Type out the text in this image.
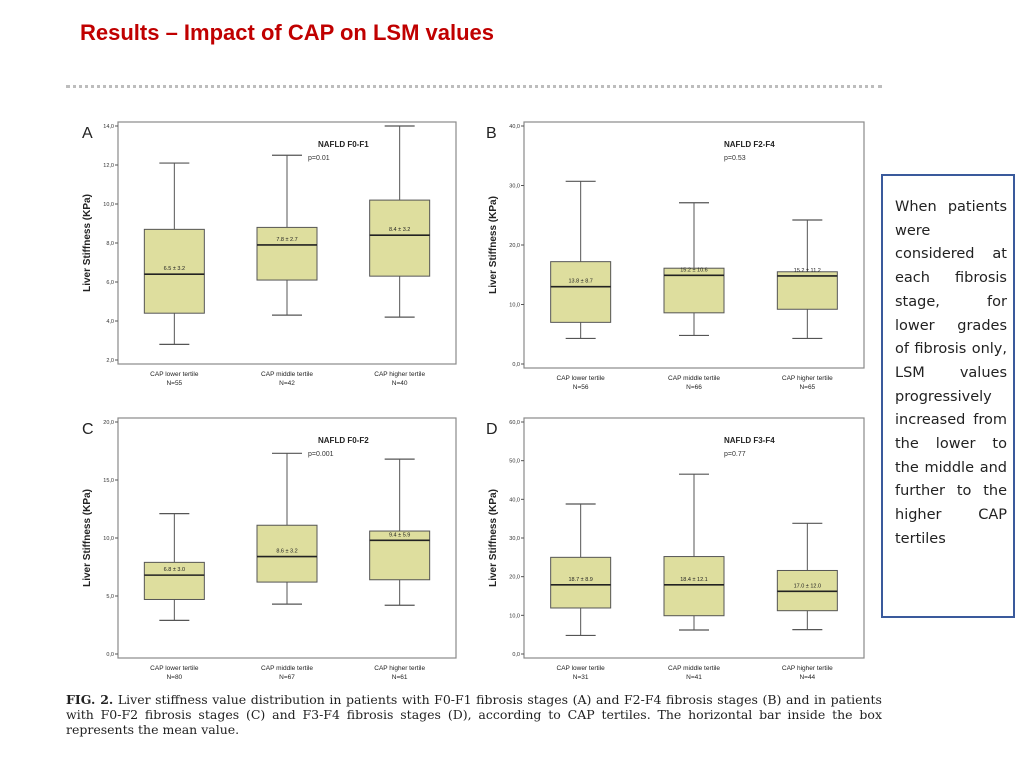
Results – Impact of CAP on LSM values
A
2,0
4,0
6,0
8,0
10,0
12,0
14,0
Liver Stiffness (KPa)
NAFLD F0-F1
p=0.01
6.5 ± 3.2
CAP lower tertile
N=55
7.8 ± 2.7
CAP middle tertile
N=42
8.4 ± 3.2
CAP higher tertile
N=40
B
0,0
10,0
20,0
30,0
40,0
Liver Stiffness (KPa)
NAFLD F2-F4
p=0.53
13.8 ± 8.7
CAP lower tertile
N=56
15.2 ± 10.6
CAP middle tertile
N=66
15.2 ± 11.2
CAP higher tertile
N=65
C
0,0
5,0
10,0
15,0
20,0
Liver Stiffness (KPa)
NAFLD F0-F2
p=0.001
6.8 ± 3.0
CAP lower tertile
N=80
8.6 ± 3.2
CAP middle tertile
N=67
9.4 ± 5.9
CAP higher tertile
N=61
D
0,0
10,0
20,0
30,0
40,0
50,0
60,0
Liver Stiffness (KPa)
NAFLD F3-F4
p=0.77
18.7 ± 8.9
CAP lower tertile
N=31
18.4 ± 12.1
CAP middle tertile
N=41
17.0 ± 12.0
CAP higher tertile
N=44
FIG. 2. Liver stiffness value distribution in patients with F0-F1 fibrosis stages (A) and F2-F4 fibrosis stages (B) and in patients with F0-F2 fibrosis stages (C) and F3-F4 fibrosis stages (D), according to CAP tertiles. The horizontal bar inside the box represents the mean value.
When patients were considered at each fibrosis stage, for lower grades of fibrosis only, LSM values progressively increased from the lower to the middle and further to the higher CAP tertiles
